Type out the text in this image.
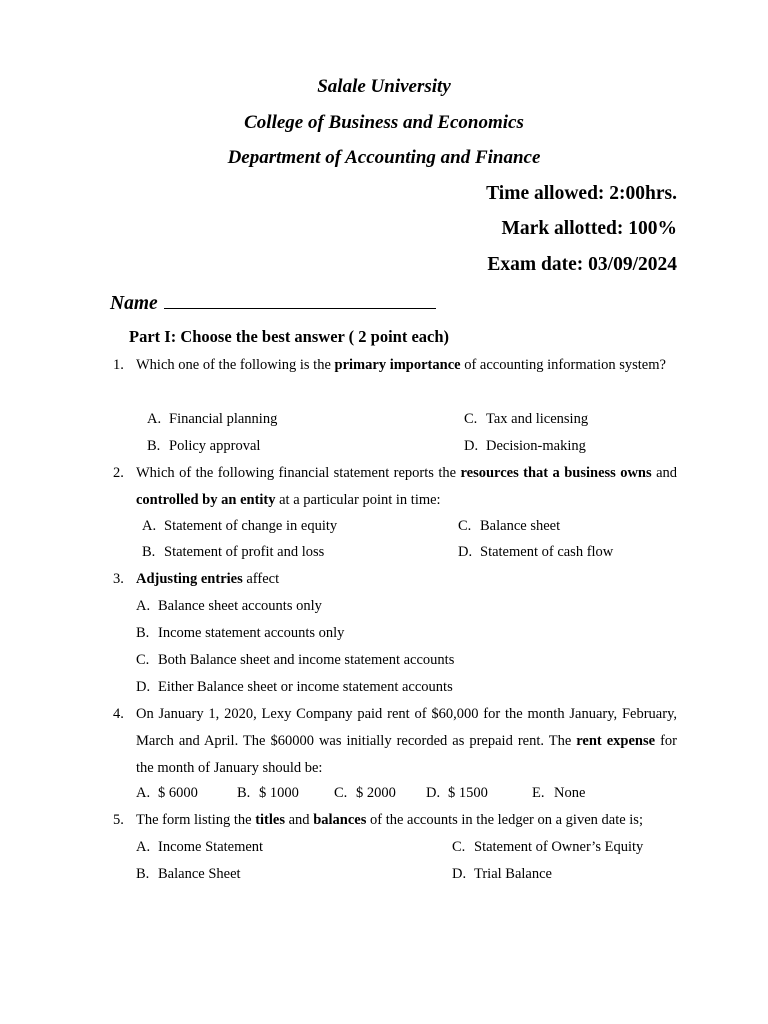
Salale University
College of Business and Economics
Department of Accounting and Finance
Time allowed: 2:00hrs.
Mark allotted: 100%
Exam date: 03/09/2024
Name
Part I: Choose the best answer ( 2 point each)
1. Which one of the following is the primary importance of accounting information system?
A. Financial planning	C. Tax and licensing
B. Policy approval	D. Decision-making
2. Which of the following financial statement reports the resources that a business owns and controlled by an entity at a particular point in time:
A. Statement of change in equity	C. Balance sheet
B. Statement of profit and loss	D. Statement of cash flow
3. Adjusting entries affect
A. Balance sheet accounts only
B. Income statement accounts only
C. Both Balance sheet and income statement accounts
D. Either Balance sheet or income statement accounts
4. On January 1, 2020, Lexy Company paid rent of $60,000 for the month January, February, March and April. The $60000 was initially recorded as prepaid rent. The rent expense for the month of January should be:
A. $ 6000	B. $ 1000 C. $ 2000 D. $ 1500	E. None
5. The form listing the titles and balances of the accounts in the ledger on a given date is;
A. Income Statement	C. Statement of Owner’s Equity
B. Balance Sheet	D. Trial Balance
